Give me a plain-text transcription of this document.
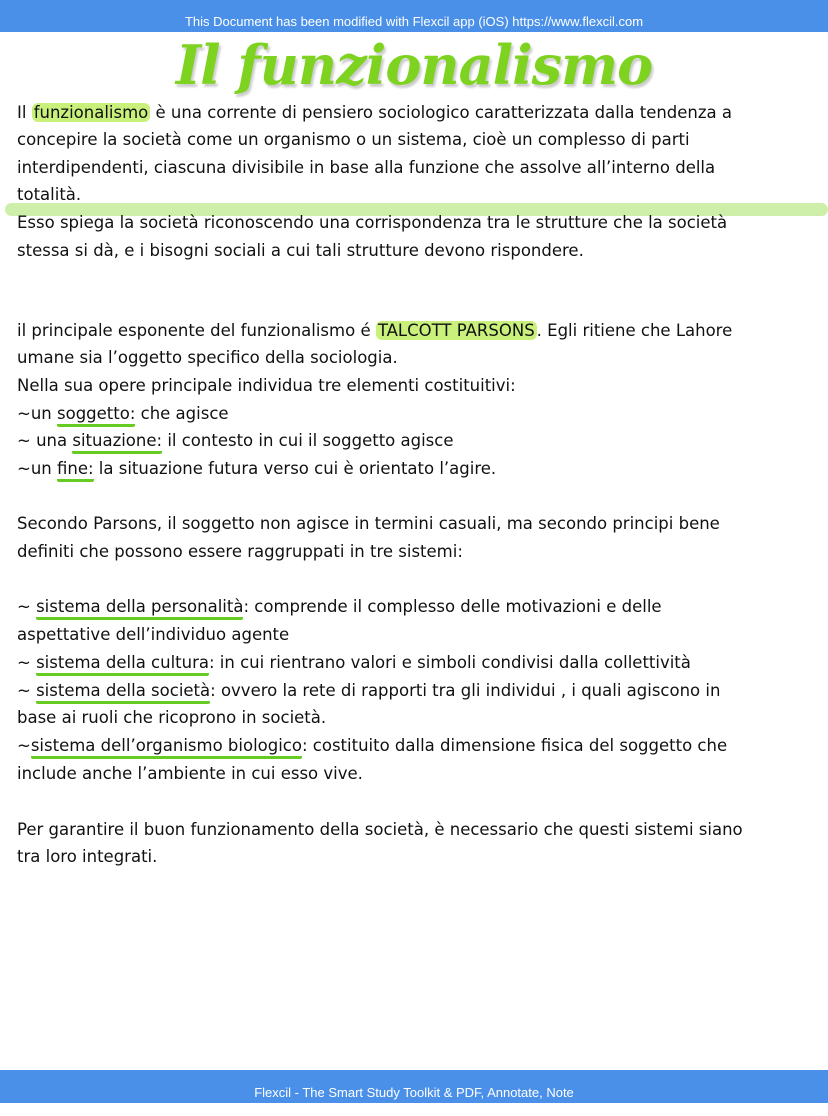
This Document has been modified with Flexcil app (iOS) https://www.flexcil.com
Il funzionalismo
Il funzionalismo è una corrente di pensiero sociologico caratterizzata dalla tendenza a
concepire la società come un organismo o un sistema, cioè un complesso di parti
interdipendenti, ciascuna divisibile in base alla funzione che assolve all’interno della
totalità.
Esso spiega la società riconoscendo una corrispondenza tra le strutture che la società
stessa si dà, e i bisogni sociali a cui tali strutture devono rispondere.
il principale esponente del funzionalismo é TALCOTT PARSONS . Egli ritiene che Lahore
umane sia l’oggetto specifico della sociologia.
Nella sua opere principale individua tre elementi costituitivi:
~un soggetto: che agisce
~ una situazione: il contesto in cui il soggetto agisce
~un fine: la situazione futura verso cui è orientato l’agire.
Secondo Parsons, il soggetto non agisce in termini casuali, ma secondo principi bene
definiti che possono essere raggruppati in tre sistemi:
~ sistema della personalità: comprende il complesso delle motivazioni e delle
aspettative dell’individuo agente
~ sistema della cultura: in cui rientrano valori e simboli condivisi dalla collettività
~ sistema della società: ovvero la rete di rapporti tra gli individui , i quali agiscono in
base ai ruoli che ricoprono in società.
~sistema dell’organismo biologico: costituito dalla dimensione fisica del soggetto che
include anche l’ambiente in cui esso vive.
Per garantire il buon funzionamento della società, è necessario che questi sistemi siano
tra loro integrati.
Flexcil - The Smart Study Toolkit & PDF, Annotate, Note
